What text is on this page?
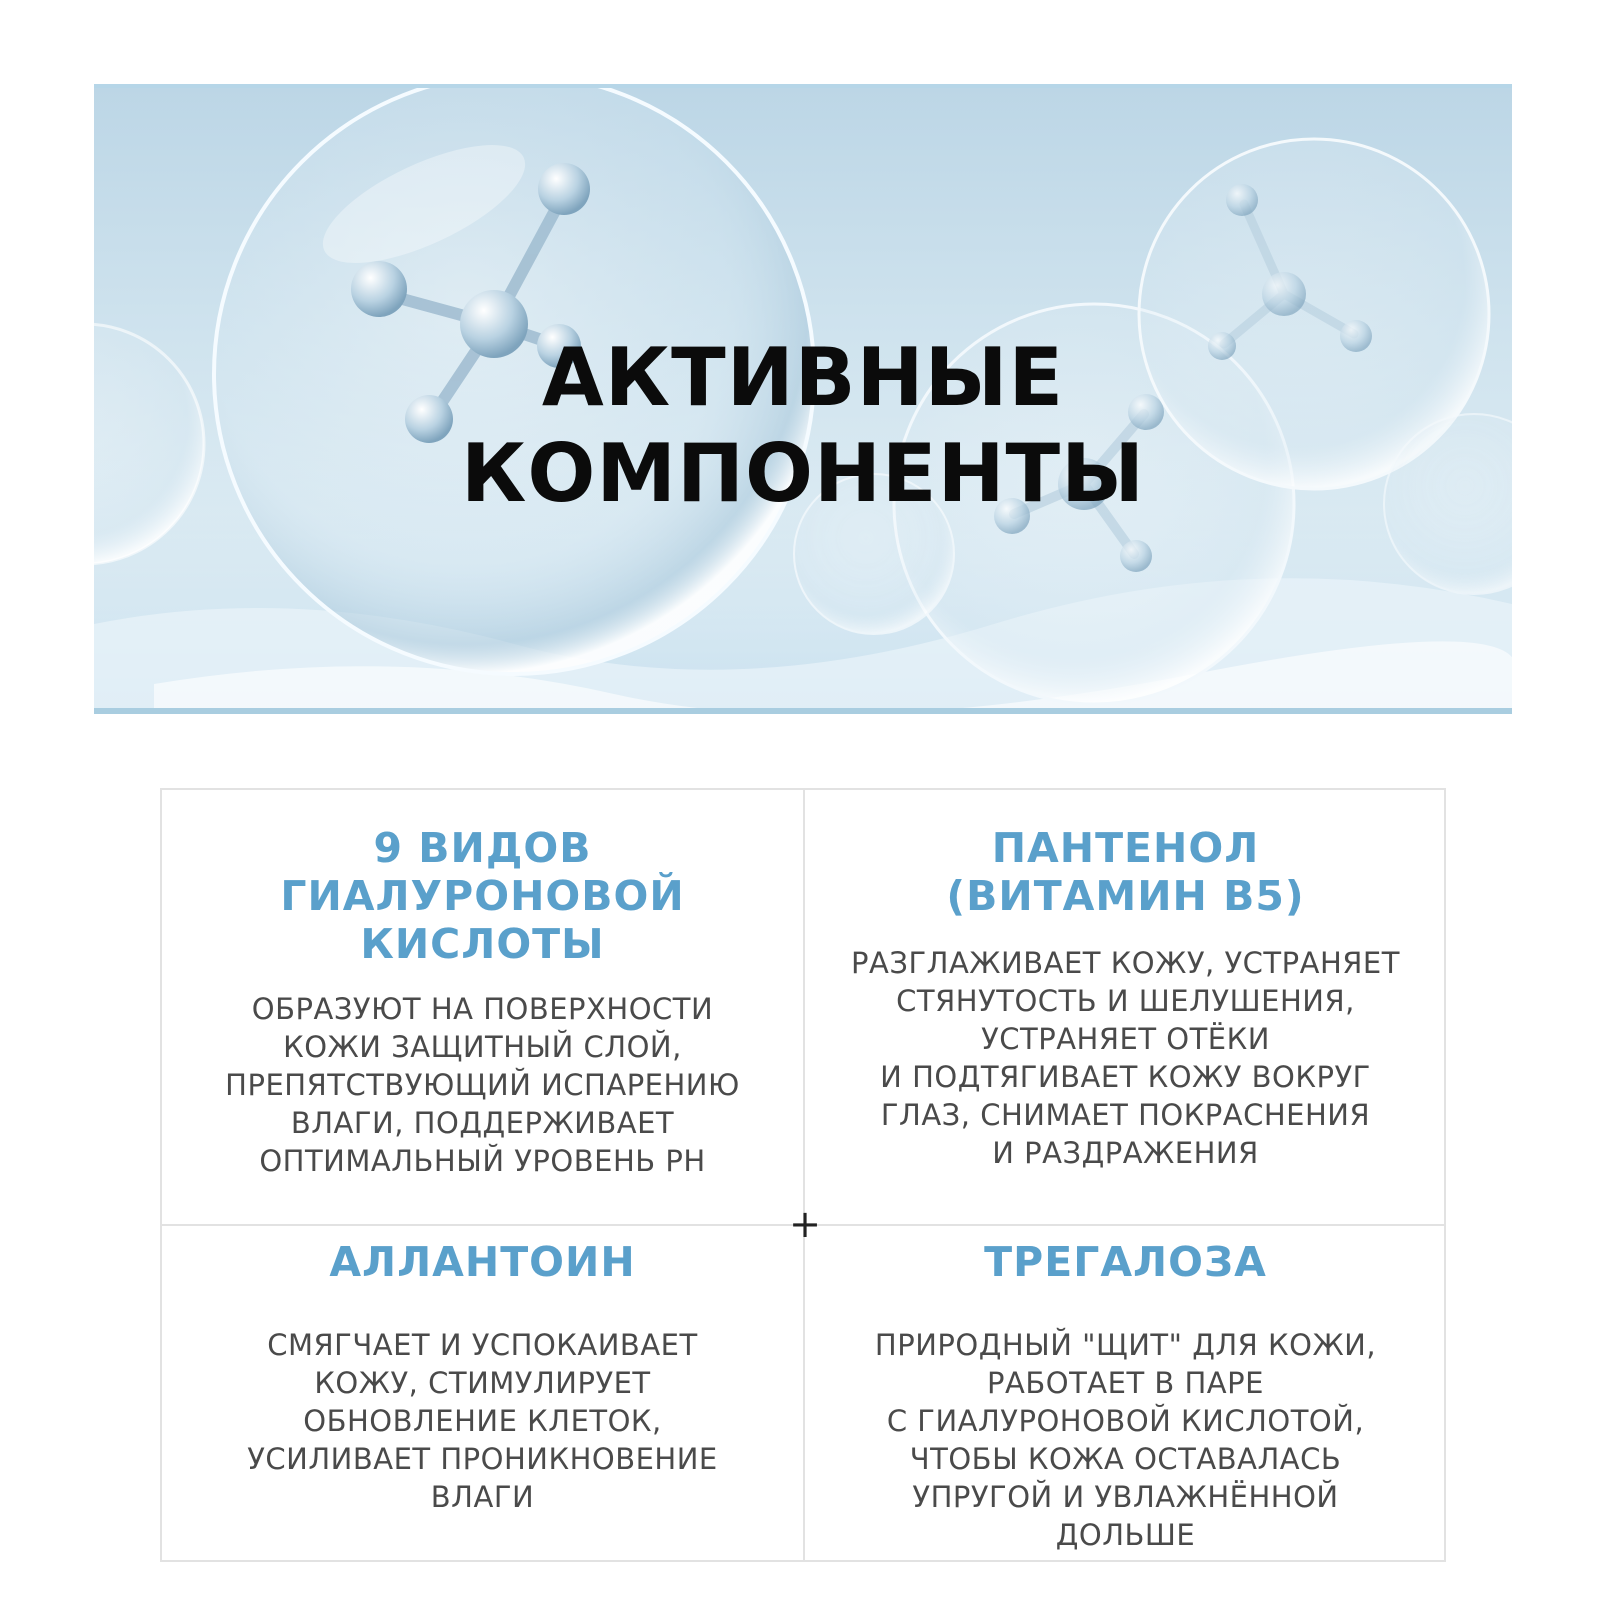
АКТИВНЫЕ
КОМПОНЕНТЫ
+
9 ВИДОВ
ГИАЛУРОНОВОЙ
КИСЛОТЫ

ОБРАЗУЮТ НА ПОВЕРХНОСТИ
КОЖИ ЗАЩИТНЫЙ СЛОЙ,
ПРЕПЯТСТВУЮЩИЙ ИСПАРЕНИЮ
ВЛАГИ, ПОДДЕРЖИВАЕТ
ОПТИМАЛЬНЫЙ УРОВЕНЬ PH

ПАНТЕНОЛ
(ВИТАМИН B5)

РАЗГЛАЖИВАЕТ КОЖУ, УСТРАНЯЕТ
СТЯНУТОСТЬ И ШЕЛУШЕНИЯ,
УСТРАНЯЕТ ОТЁКИ
И ПОДТЯГИВАЕТ КОЖУ ВОКРУГ
ГЛАЗ, СНИМАЕТ ПОКРАСНЕНИЯ
И РАЗДРАЖЕНИЯ

АЛЛАНТОИН

СМЯГЧАЕТ И УСПОКАИВАЕТ
КОЖУ, СТИМУЛИРУЕТ
ОБНОВЛЕНИЕ КЛЕТОК,
УСИЛИВАЕТ ПРОНИКНОВЕНИЕ
ВЛАГИ

ТРЕГАЛОЗА

ПРИРОДНЫЙ "ЩИТ" ДЛЯ КОЖИ,
РАБОТАЕТ В ПАРЕ
С ГИАЛУРОНОВОЙ КИСЛОТОЙ,
ЧТОБЫ КОЖА ОСТАВАЛАСЬ
УПРУГОЙ И УВЛАЖНЁННОЙ
ДОЛЬШЕ
